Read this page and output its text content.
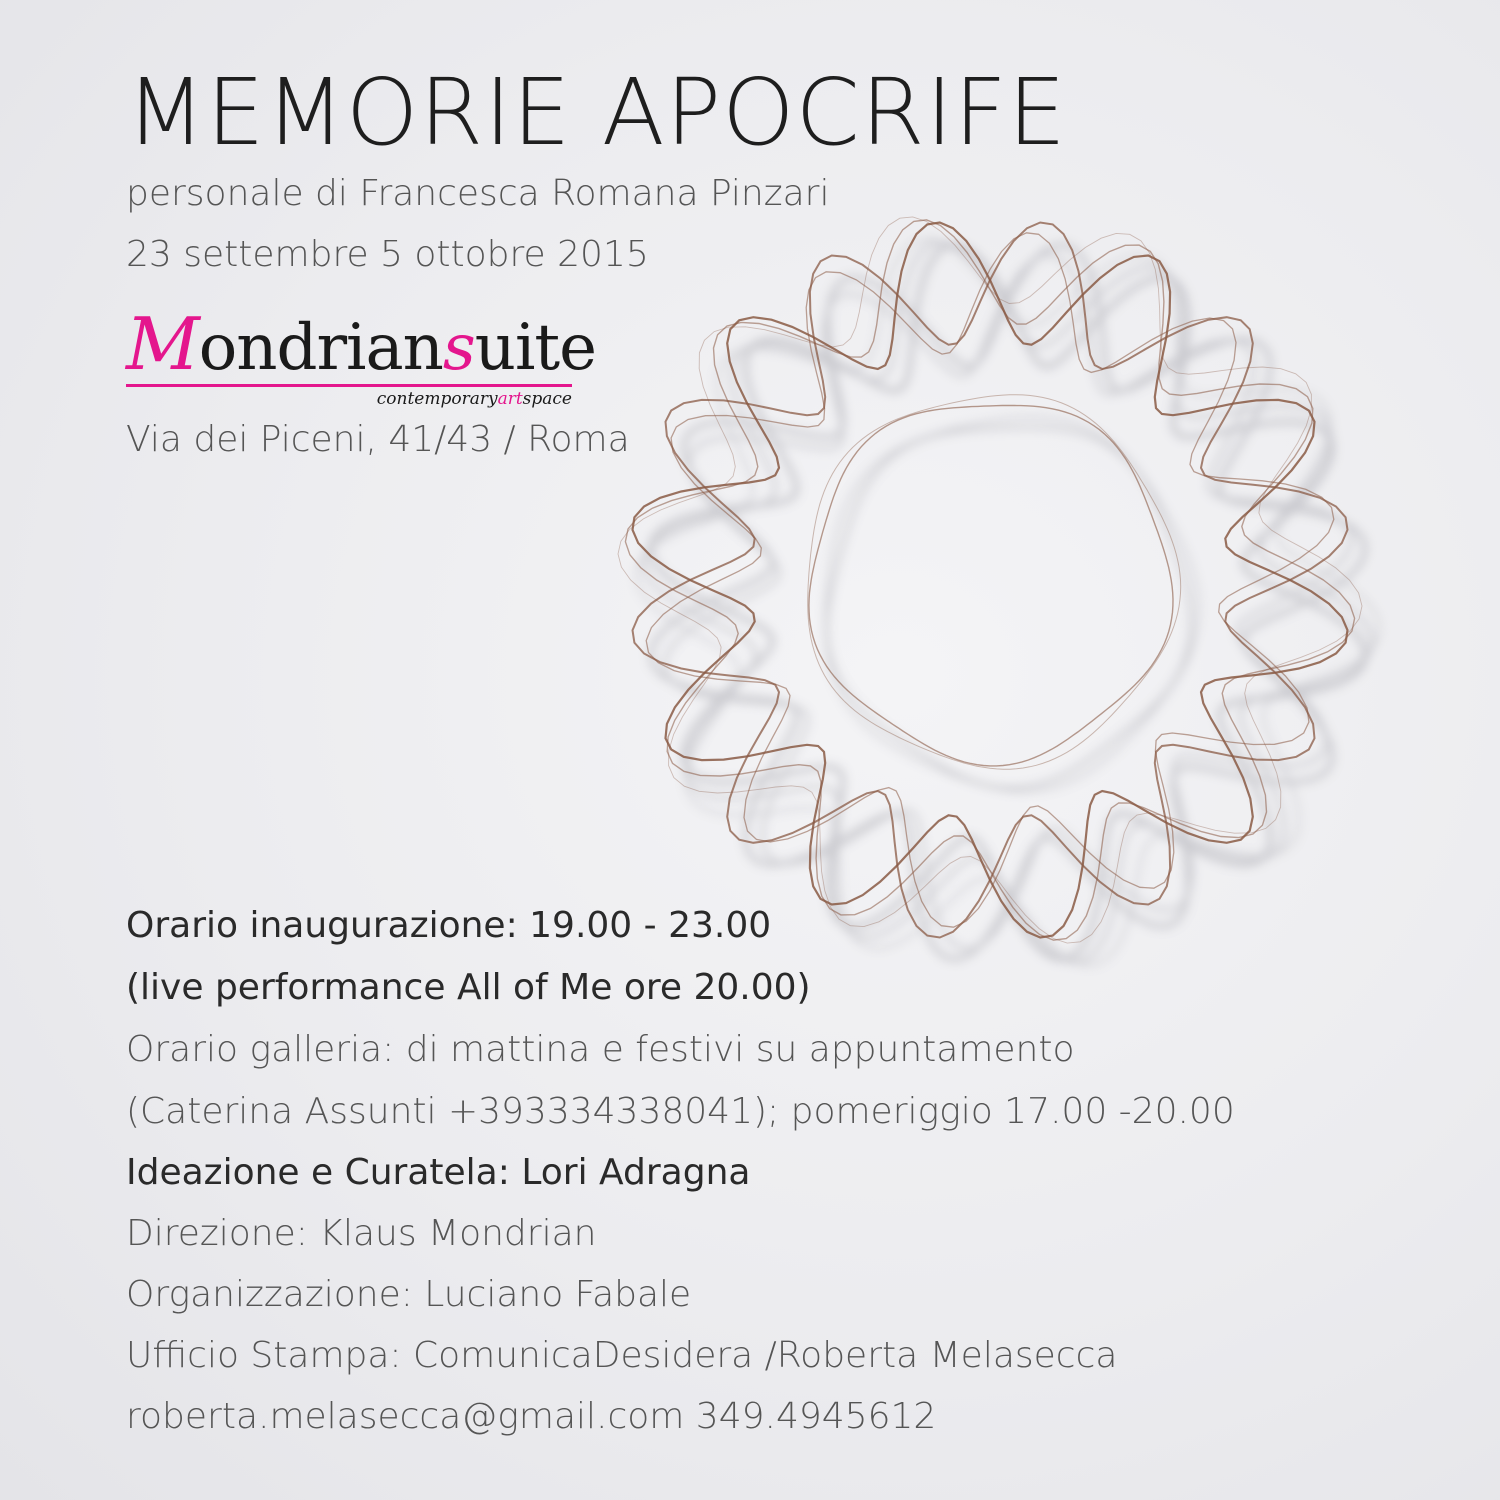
MEMORIE APOCRIFE

personale di Francesca Romana Pinzari

23 settembre 5 ottobre 2015

Mondriansuite
contemporaryartspace

Via dei Piceni, 41/43 / Roma

Orario inaugurazione: 19.00 - 23.00

(live performance All of Me ore 20.00)

Orario galleria: di mattina e festivi su appuntamento

(Caterina Assunti +393334338041); pomeriggio 17.00 -20.00

Ideazione e Curatela: Lori Adragna

Direzione: Klaus Mondrian

Organizzazione: Luciano Fabale

Ufficio Stampa: ComunicaDesidera /Roberta Melasecca

roberta.melasecca@gmail.com 349.4945612
